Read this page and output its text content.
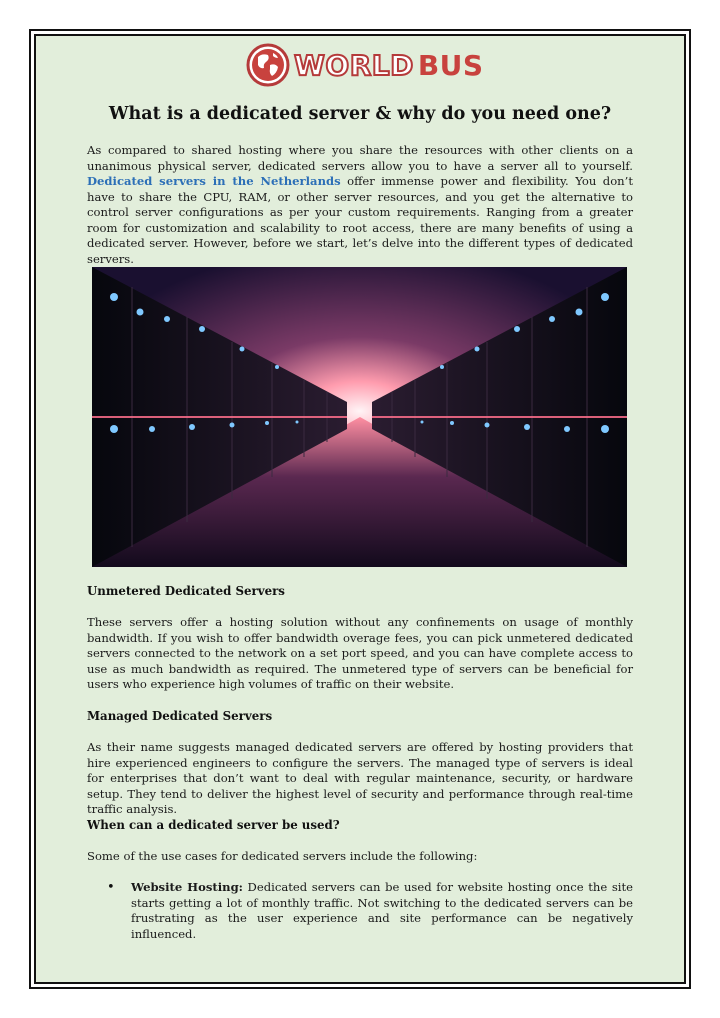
WORLD BUS
What is a dedicated server & why do you need one?

As compared to shared hosting where you share the resources with other clients on a unanimous physical server, dedicated servers allow you to have a server all to yourself. Dedicated servers in the Netherlands offer immense power and flexibility. You don’t have to share the CPU, RAM, or other server resources, and you get the alternative to control server configurations as per your custom requirements. Ranging from a greater room for customization and scalability to root access, there are many benefits of using a dedicated server. However, before we start, let’s delve into the different types of dedicated servers.

Unmetered Dedicated Servers

These servers offer a hosting solution without any confinements on usage of monthly bandwidth. If you wish to offer bandwidth overage fees, you can pick unmetered dedicated servers connected to the network on a set port speed, and you can have complete access to use as much bandwidth as required. The unmetered type of servers can be beneficial for users who experience high volumes of traffic on their website.

Managed Dedicated Servers

As their name suggests managed dedicated servers are offered by hosting providers that hire experienced engineers to configure the servers. The managed type of servers is ideal for enterprises that don’t want to deal with regular maintenance, security, or hardware setup. They tend to deliver the highest level of security and performance through real-time traffic analysis.

When can a dedicated server be used?

Some of the use cases for dedicated servers include the following:

• Website Hosting: Dedicated servers can be used for website hosting once the site starts getting a lot of monthly traffic. Not switching to the dedicated servers can be frustrating as the user experience and site performance can be negatively influenced.
